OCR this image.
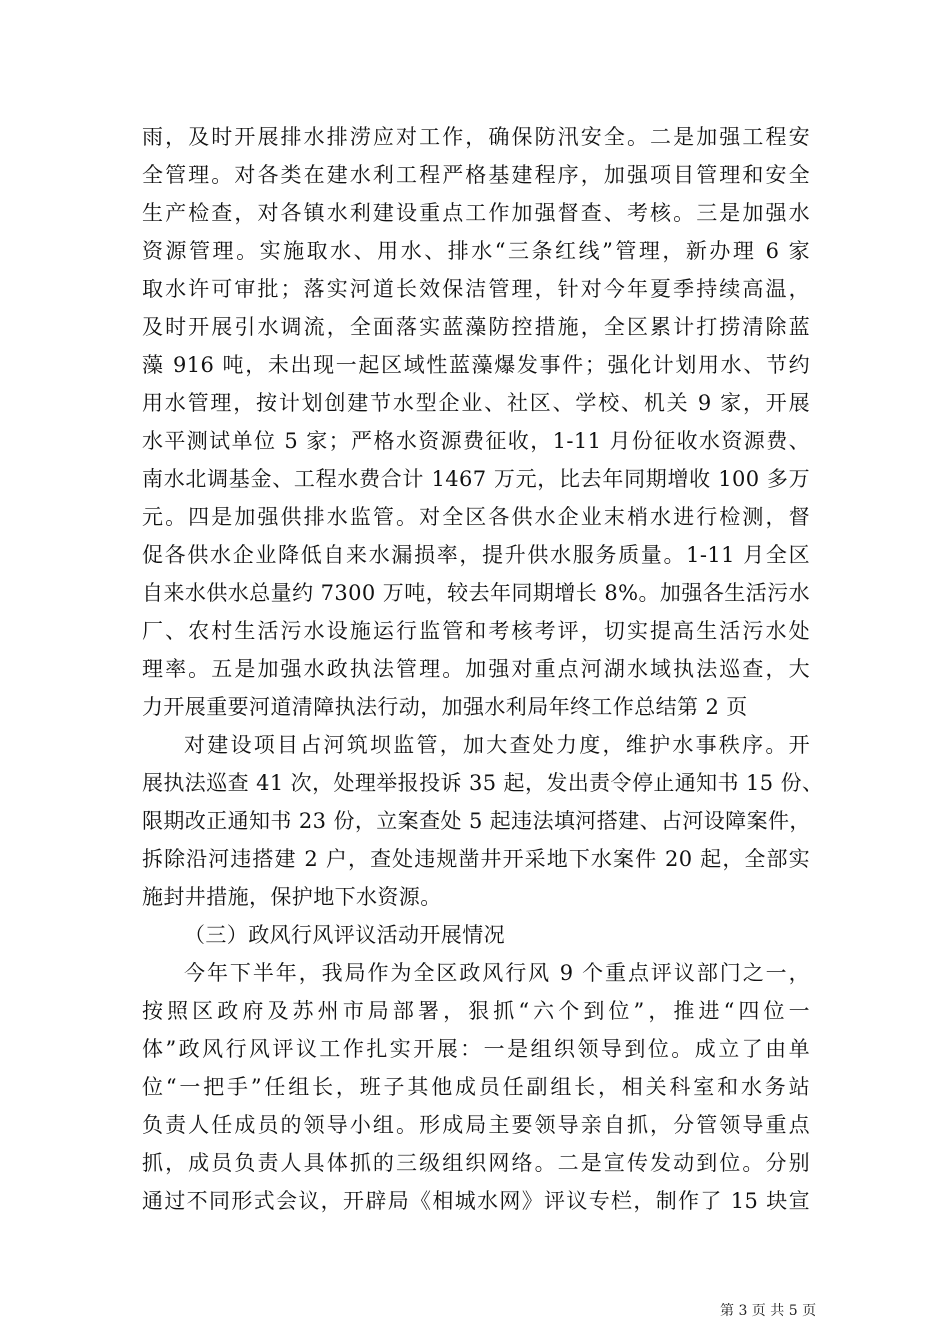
雨，及时开展排水排涝应对工作，确保防汛安全。二是加强工程安
全管理。对各类在建水利工程严格基建程序，加强项目管理和安全
生产检查，对各镇水利建设重点工作加强督查、考核。三是加强水
资源管理。实施取水、用水、排水“三条红线”管理，新办理 6 家
取水许可审批；落实河道长效保洁管理，针对今年夏季持续高温，
及时开展引水调流，全面落实蓝藻防控措施，全区累计打捞清除蓝
藻 916 吨，未出现一起区域性蓝藻爆发事件；强化计划用水、节约
用水管理，按计划创建节水型企业、社区、学校、机关 9 家，开展
水平测试单位 5 家；严格水资源费征收，1-11 月份征收水资源费、
南水北调基金、工程水费合计 1467 万元，比去年同期增收 100 多万
元。四是加强供排水监管。对全区各供水企业末梢水进行检测，督
促各供水企业降低自来水漏损率，提升供水服务质量。1-11 月全区
自来水供水总量约 7300 万吨，较去年同期增长 8%。加强各生活污水
厂、农村生活污水设施运行监管和考核考评，切实提高生活污水处
理率。五是加强水政执法管理。加强对重点河湖水域执法巡查，大
力开展重要河道清障执法行动，加强水利局年终工作总结第 2 页
对建设项目占河筑坝监管，加大查处力度，维护水事秩序。开
展执法巡查 41 次，处理举报投诉 35 起，发出责令停止通知书 15 份、
限期改正通知书 23 份，立案查处 5 起违法填河搭建、占河设障案件，
拆除沿河违搭建 2 户，查处违规凿井开采地下水案件 20 起，全部实
施封井措施，保护地下水资源。
（三）政风行风评议活动开展情况
今年下半年，我局作为全区政风行风 9 个重点评议部门之一，
按照区政府及苏州市局部署，狠抓“六个到位”，推进“四位一
体”政风行风评议工作扎实开展：一是组织领导到位。成立了由单
位“一把手”任组长，班子其他成员任副组长，相关科室和水务站
负责人任成员的领导小组。形成局主要领导亲自抓，分管领导重点
抓，成员负责人具体抓的三级组织网络。二是宣传发动到位。分别
通过不同形式会议，开辟局《相城水网》评议专栏，制作了 15 块宣
第 3 页 共 5 页
